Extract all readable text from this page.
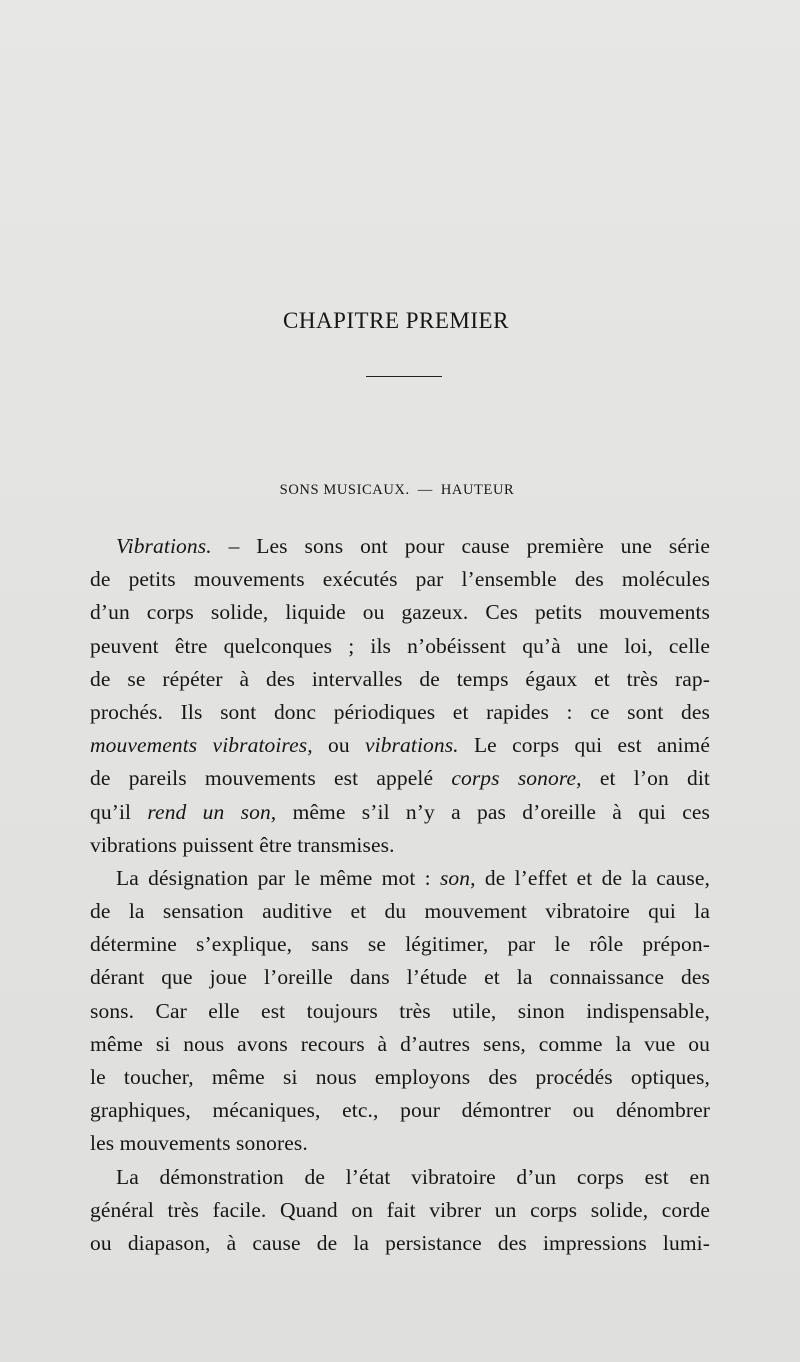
CHAPITRE PREMIER
SONS MUSICAUX. — HAUTEUR
Vibrations. – Les sons ont pour cause première une série
de petits mouvements exécutés par l’ensemble des molécules
d’un corps solide, liquide ou gazeux. Ces petits mouvements
peuvent être quelconques ; ils n’obéissent qu’à une loi, celle
de se répéter à des intervalles de temps égaux et très rap-
prochés. Ils sont donc périodiques et rapides : ce sont des
mouvements vibratoires, ou vibrations. Le corps qui est animé
de pareils mouvements est appelé corps sonore, et l’on dit
qu’il rend un son, même s’il n’y a pas d’oreille à qui ces
vibrations puissent être transmises.
La désignation par le même mot : son, de l’effet et de la cause,
de la sensation auditive et du mouvement vibratoire qui la
détermine s’explique, sans se légitimer, par le rôle prépon-
dérant que joue l’oreille dans l’étude et la connaissance des
sons. Car elle est toujours très utile, sinon indispensable,
même si nous avons recours à d’autres sens, comme la vue ou
le toucher, même si nous employons des procédés optiques,
graphiques, mécaniques, etc., pour démontrer ou dénombrer
les mouvements sonores.
La démonstration de l’état vibratoire d’un corps est en
général très facile. Quand on fait vibrer un corps solide, corde
ou diapason, à cause de la persistance des impressions lumi-
